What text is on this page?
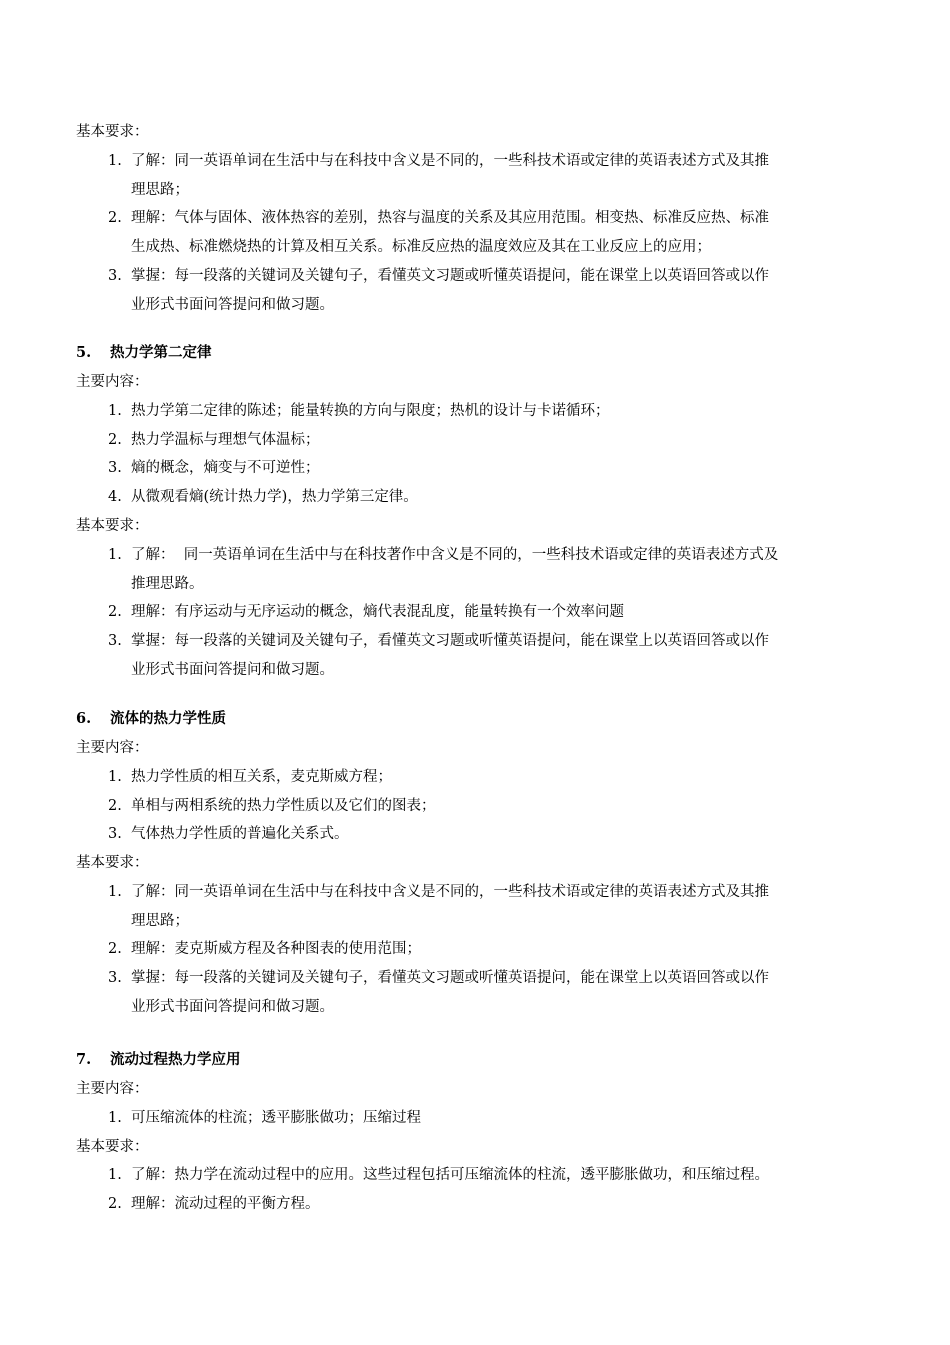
基本要求：
1. 了解：同一英语单词在生活中与在科技中含义是不同的，一些科技术语或定律的英语表述方式及其推
理思路；
2. 理解：气体与固体、液体热容的差别，热容与温度的关系及其应用范围。相变热、标准反应热、标准
生成热、标准燃烧热的计算及相互关系。标准反应热的温度效应及其在工业反应上的应用；
3. 掌握：每一段落的关键词及关键句子，看懂英文习题或听懂英语提问，能在课堂上以英语回答或以作
业形式书面问答提问和做习题。
5. 热力学第二定律
主要内容：
1. 热力学第二定律的陈述；能量转换的方向与限度；热机的设计与卡诺循环；
2. 热力学温标与理想气体温标；
3. 熵的概念，熵变与不可逆性；
4. 从微观看熵(统计热力学)，热力学第三定律。
基本要求：
1. 了解：  同一英语单词在生活中与在科技著作中含义是不同的，一些科技术语或定律的英语表述方式及
推理思路。
2. 理解：有序运动与无序运动的概念，熵代表混乱度，能量转换有一个效率问题
3. 掌握：每一段落的关键词及关键句子，看懂英文习题或听懂英语提问，能在课堂上以英语回答或以作
业形式书面问答提问和做习题。
6. 流体的热力学性质
主要内容：
1. 热力学性质的相互关系，麦克斯威方程；
2. 单相与两相系统的热力学性质以及它们的图表；
3. 气体热力学性质的普遍化关系式。
基本要求：
1. 了解：同一英语单词在生活中与在科技中含义是不同的，一些科技术语或定律的英语表述方式及其推
理思路；
2. 理解：麦克斯威方程及各种图表的使用范围；
3. 掌握：每一段落的关键词及关键句子，看懂英文习题或听懂英语提问，能在课堂上以英语回答或以作
业形式书面问答提问和做习题。
7. 流动过程热力学应用
主要内容：
1. 可压缩流体的柱流；透平膨胀做功；压缩过程
基本要求：
1. 了解：热力学在流动过程中的应用。这些过程包括可压缩流体的柱流，透平膨胀做功，和压缩过程。
2. 理解：流动过程的平衡方程。
